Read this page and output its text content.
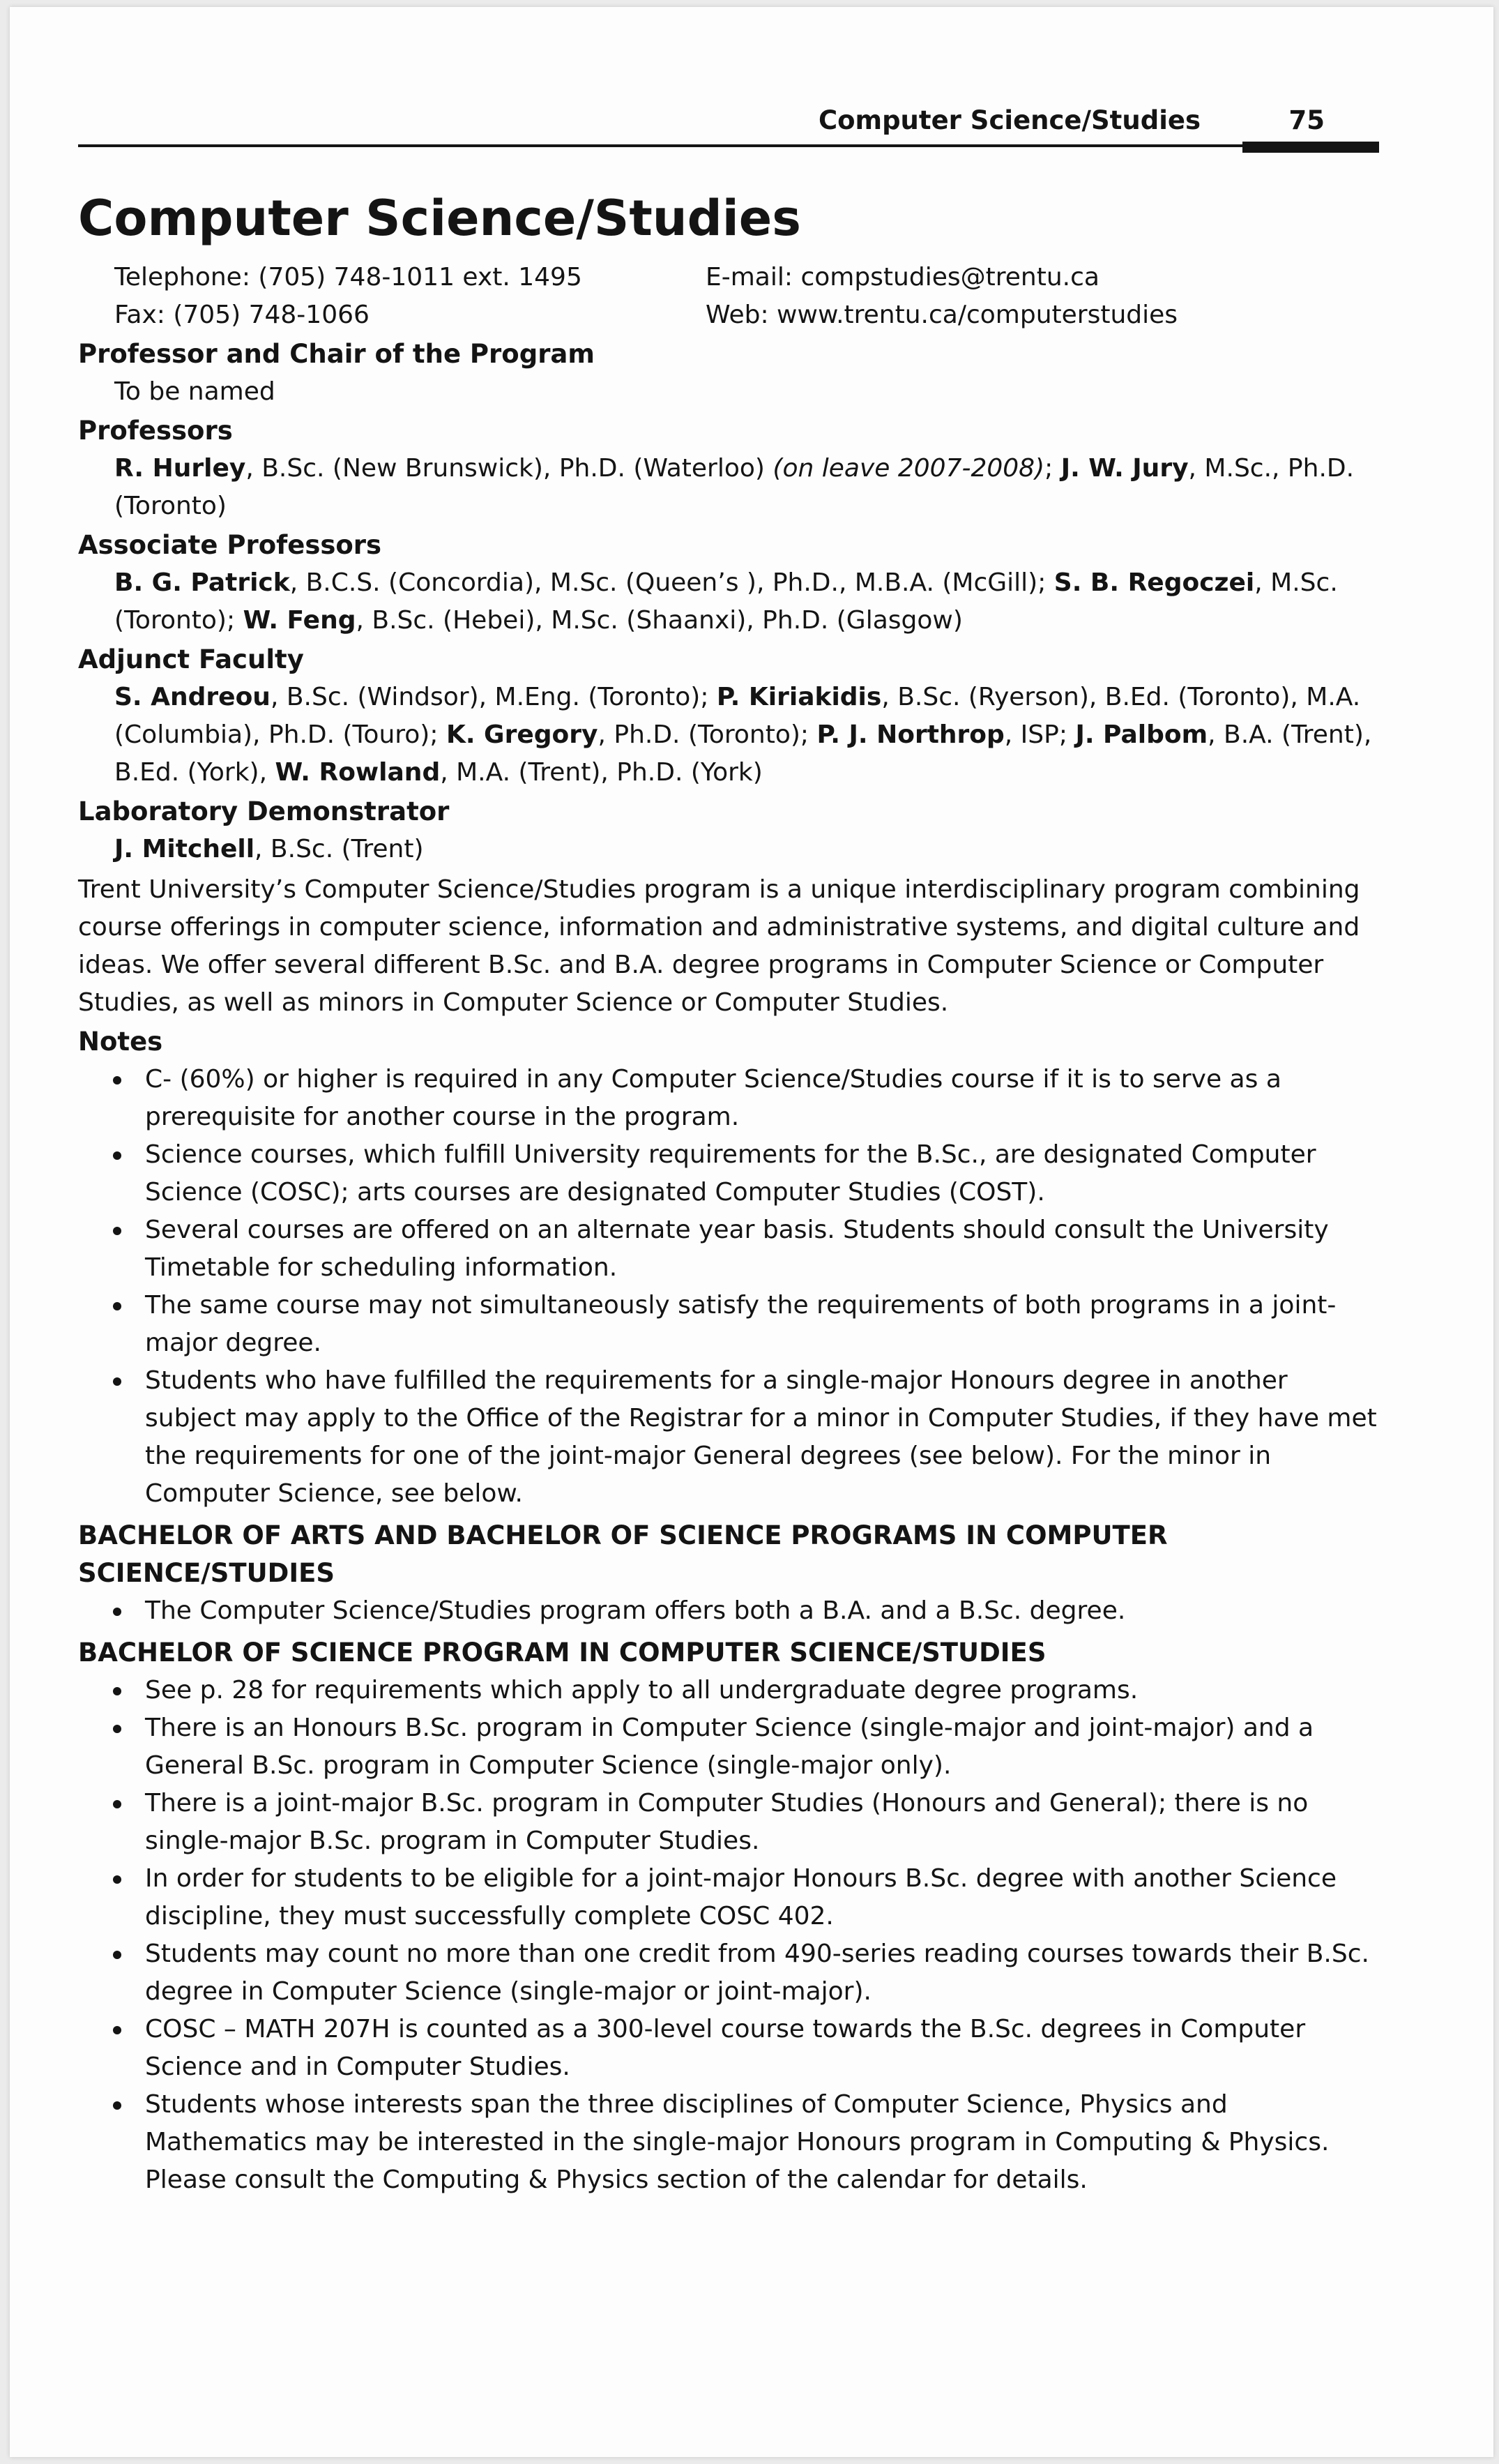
Computer Science/Studies	75
Computer Science/Studies
Telephone: (705) 748-1011 ext. 1495	E-mail: compstudies@trentu.ca
Fax: (705) 748-1066	Web: www.trentu.ca/computerstudies
Professor and Chair of the Program
To be named
Professors
R. Hurley, B.Sc. (New Brunswick), Ph.D. (Waterloo) (on leave 2007-2008); J. W. Jury, M.Sc., Ph.D. (Toronto)
Associate Professors
B. G. Patrick, B.C.S. (Concordia), M.Sc. (Queen’s ), Ph.D., M.B.A. (McGill); S. B. Regoczei, M.Sc. (Toronto); W. Feng, B.Sc. (Hebei), M.Sc. (Shaanxi), Ph.D. (Glasgow)
Adjunct Faculty
S. Andreou, B.Sc. (Windsor), M.Eng. (Toronto); P. Kiriakidis, B.Sc. (Ryerson), B.Ed. (Toronto), M.A. (Columbia), Ph.D. (Touro); K. Gregory, Ph.D. (Toronto); P. J. Northrop, ISP; J. Palbom, B.A. (Trent), B.Ed. (York), W. Rowland, M.A. (Trent), Ph.D. (York)
Laboratory Demonstrator
J. Mitchell, B.Sc. (Trent)
Trent University’s Computer Science/Studies program is a unique interdisciplinary program combining course offerings in computer science, information and administrative systems, and digital culture and ideas. We offer several different B.Sc. and B.A. degree programs in Computer Science or Computer Studies, as well as minors in Computer Science or Computer Studies.
Notes
C- (60%) or higher is required in any Computer Science/Studies course if it is to serve as a prerequisite for another course in the program.
Science courses, which fulfill University requirements for the B.Sc., are designated Computer Science (COSC); arts courses are designated Computer Studies (COST).
Several courses are offered on an alternate year basis. Students should consult the University Timetable for scheduling information.
The same course may not simultaneously satisfy the requirements of both programs in a joint-major degree.
Students who have fulfilled the requirements for a single-major Honours degree in another subject may apply to the Office of the Registrar for a minor in Computer Studies, if they have met the requirements for one of the joint-major General degrees (see below). For the minor in Computer Science, see below.
BACHELOR OF ARTS AND BACHELOR OF SCIENCE PROGRAMS IN COMPUTER SCIENCE/STUDIES
The Computer Science/Studies program offers both a B.A. and a B.Sc. degree.
BACHELOR OF SCIENCE PROGRAM IN COMPUTER SCIENCE/STUDIES
See p. 28 for requirements which apply to all undergraduate degree programs.
There is an Honours B.Sc. program in Computer Science (single-major and joint-major) and a General B.Sc. program in Computer Science (single-major only).
There is a joint-major B.Sc. program in Computer Studies (Honours and General); there is no single-major B.Sc. program in Computer Studies.
In order for students to be eligible for a joint-major Honours B.Sc. degree with another Science discipline, they must successfully complete COSC 402.
Students may count no more than one credit from 490-series reading courses towards their B.Sc. degree in Computer Science (single-major or joint-major).
COSC – MATH 207H is counted as a 300-level course towards the B.Sc. degrees in Computer Science and in Computer Studies.
Students whose interests span the three disciplines of Computer Science, Physics and Mathematics may be interested in the single-major Honours program in Computing & Physics. Please consult the Computing & Physics section of the calendar for details.
